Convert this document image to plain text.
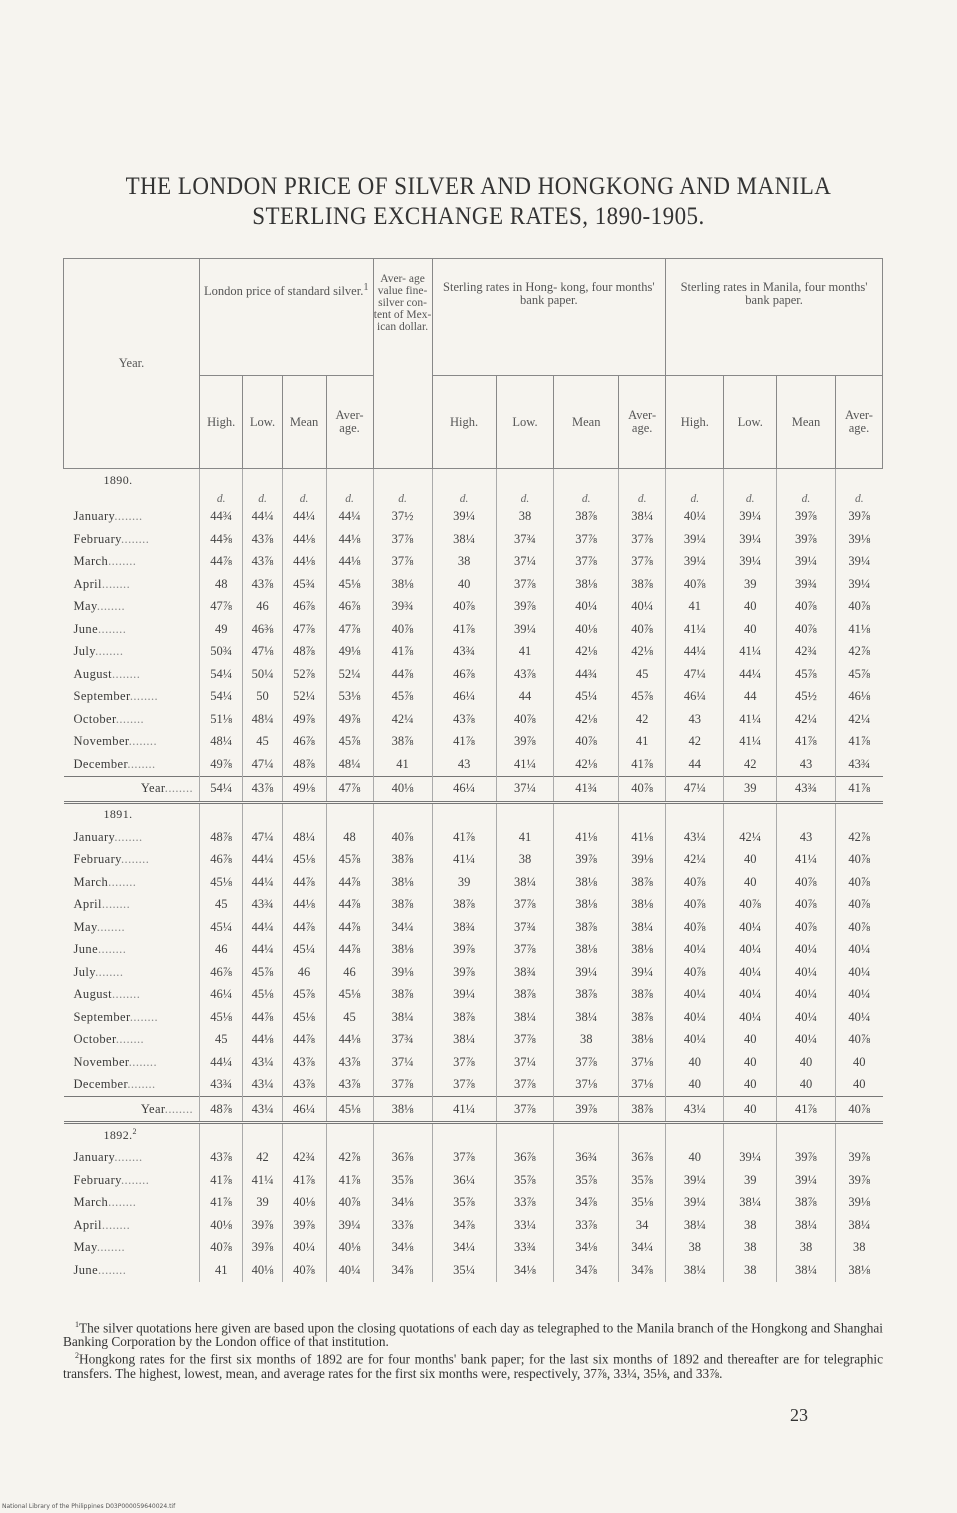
THE LONDON PRICE OF SILVER AND HONGKONG AND MANILA
STERLING EXCHANGE RATES, 1890-1905.
Year.	London price of standard silver.$^1$				Aver- age value fine- silver con- tent of Mex- ican dollar.	Sterling rates in Hong- kong, four months' bank paper.				Sterling rates in Manila, four months' bank paper.			
	High.	Low.	Mean	Aver- age.		High.	Low.	Mean	Aver- age.	High.	Low.	Mean	Aver- age.
1890.													
	d.	d.	d.	d.	d.	d.	d.	d.	d.	d.	d.	d.	d.
January........	44¾	44¼	44¼	44¼	37½	39¼	38	38⅞	38¼	40¼	39¼	39⅞	39⅞
February........	44⅝	43⅞	44⅛	44⅛	37⅞	38¼	37¾	37⅞	37⅞	39¼	39¼	39⅞	39⅛
March........	44⅞	43⅞	44⅛	44⅛	37⅞	38	37¼	37⅞	37⅞	39¼	39¼	39¼	39¼
April........	48	43⅞	45¾	45⅛	38⅛	40	37⅞	38⅛	38⅞	40⅞	39	39¾	39¼
May........	47⅞	46	46⅞	46⅞	39¾	40⅞	39⅞	40¼	40¼	41	40	40⅞	40⅞
June........	49	46⅜	47⅞	47⅞	40⅞	41⅞	39¼	40⅛	40⅞	41¼	40	40⅞	41⅛
July........	50¾	47⅛	48⅞	49⅛	41⅞	43¾	41	42⅛	42⅛	44¼	41¼	42¾	42⅞
August........	54¼	50¼	52⅞	52¼	44⅞	46⅞	43⅞	44¾	45	47¼	44¼	45⅞	45⅞
September........	54¼	50	52¼	53⅛	45⅞	46¼	44	45¼	45⅞	46¼	44	45½	46⅛
October........	51⅛	48¼	49⅞	49⅞	42¼	43⅞	40⅞	42⅛	42	43	41¼	42¼	42¼
November........	48¼	45	46⅞	45⅞	38⅞	41⅞	39⅞	40⅞	41	42	41¼	41⅞	41⅞
December........	49⅞	47¼	48⅞	48¼	41	43	41¼	42⅛	41⅞	44	42	43	43¾
Year........	54¼	43⅞	49⅛	47⅞	40⅛	46¼	37¼	41¾	40⅞	47¼	39	43¾	41⅞
1891.													
January........	48⅞	47¼	48¼	48	40⅞	41⅞	41	41⅛	41⅛	43¼	42¼	43	42⅞
February........	46⅞	44¼	45⅛	45⅞	38⅞	41¼	38	39⅞	39⅛	42¼	40	41¼	40⅞
March........	45⅛	44¼	44⅞	44⅞	38⅛	39	38¼	38⅛	38⅞	40⅞	40	40⅞	40⅞
April........	45	43¾	44⅛	44⅞	38⅞	38⅞	37⅞	38⅛	38⅛	40⅞	40⅞	40⅞	40⅞
May........	45¼	44¼	44⅞	44⅞	34¼	38¾	37¾	38⅞	38¼	40⅞	40¼	40⅞	40⅞
June........	46	44¼	45¼	44⅞	38⅛	39⅞	37⅞	38⅛	38⅛	40¼	40¼	40¼	40¼
July........	46⅞	45⅞	46	46	39⅛	39⅞	38¾	39¼	39¼	40⅞	40¼	40¼	40¼
August........	46¼	45⅛	45⅞	45⅛	38⅞	39¼	38⅞	38⅞	38⅞	40¼	40¼	40¼	40¼
September........	45⅛	44⅞	45⅛	45	38¼	38⅞	38¼	38¼	38⅞	40¼	40¼	40¼	40¼
October........	45	44⅛	44⅞	44⅛	37¾	38¼	37⅞	38	38⅛	40¼	40	40¼	40⅞
November........	44¼	43¼	43⅞	43⅞	37¼	37⅞	37¼	37⅞	37⅛	40	40	40	40
December........	43¾	43¼	43⅞	43⅞	37⅞	37⅞	37⅞	37⅛	37⅛	40	40	40	40
Year........	48⅞	43¼	46¼	45⅛	38⅛	41¼	37⅞	39⅞	38⅞	43¼	40	41⅞	40⅞
1892.$^2$													
January........	43⅞	42	42¾	42⅞	36⅞	37⅞	36⅞	36¾	36⅞	40	39¼	39⅞	39⅞
February........	41⅞	41¼	41⅞	41⅞	35⅞	36¼	35⅞	35⅞	35⅞	39¼	39	39¼	39⅞
March........	41⅞	39	40⅛	40⅞	34⅛	35⅞	33⅞	34⅞	35⅛	39¼	38¼	38⅞	39⅛
April........	40⅛	39⅞	39⅞	39¼	33⅞	34⅞	33¼	33⅞	34	38¼	38	38¼	38¼
May........	40⅞	39⅞	40¼	40⅛	34⅛	34¼	33¾	34⅛	34¼	38	38	38	38
June........	41	40⅛	40⅞	40¼	34⅞	35¼	34⅛	34⅞	34⅞	38¼	38	38¼	38⅛

$^1$The silver quotations here given are based upon the closing quotations of each day as telegraphed to the Manila branch of the Hongkong and Shanghai Banking Corporation by the London office of that institution.

$^2$Hongkong rates for the first six months of 1892 are for four months' bank paper; for the last six months of 1892 and thereafter are for telegraphic transfers. The highest, lowest, mean, and average rates for the first six months were, respectively, 37⅞, 33¼, 35⅛, and 33⅞.

23
National Library of the Philippines D03P000059640024.tif
